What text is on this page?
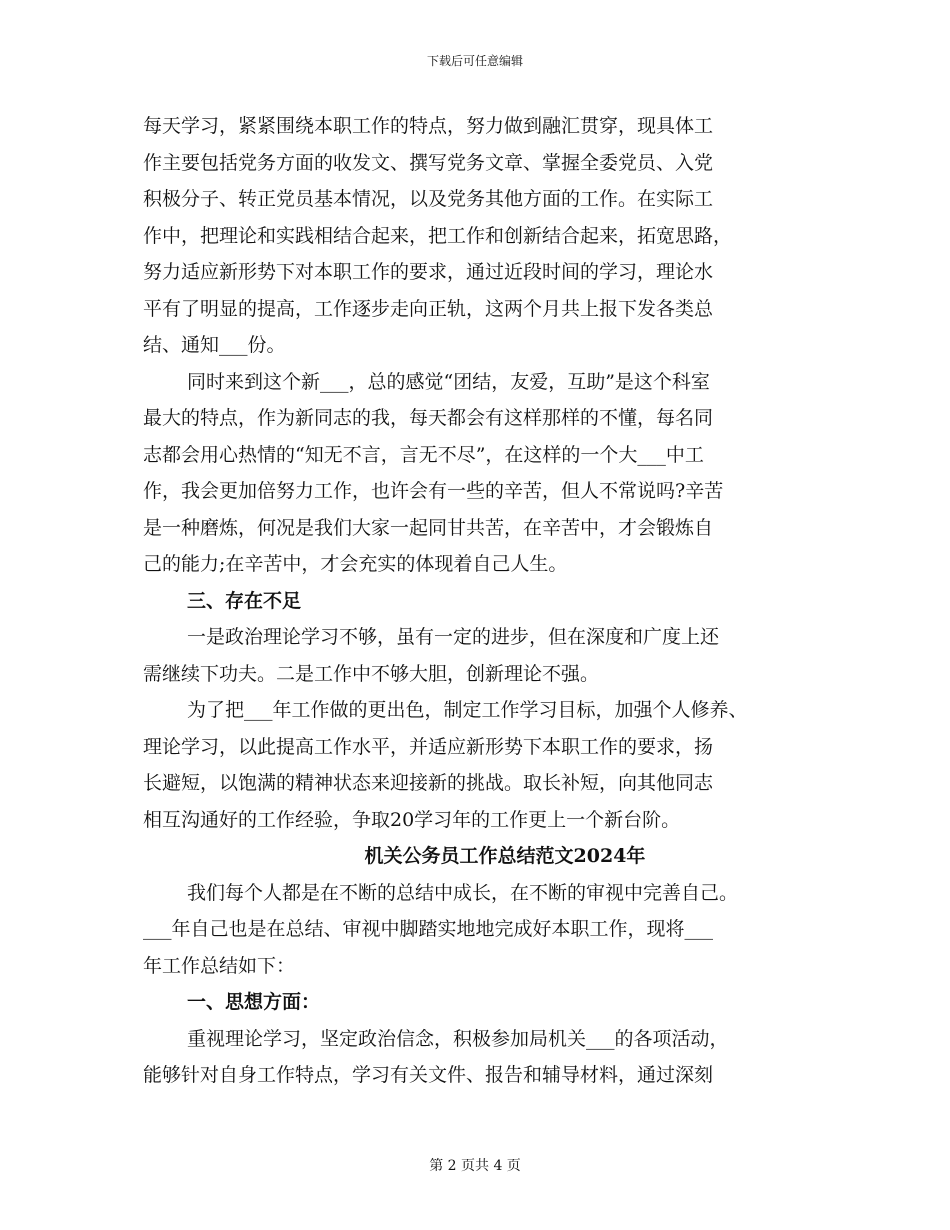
下载后可任意编辑
每天学习，紧紧围绕本职工作的特点，努力做到融汇贯穿，现具体工
作主要包括党务方面的收发文、撰写党务文章、掌握全委党员、入党
积极分子、转正党员基本情况，以及党务其他方面的工作。在实际工
作中，把理论和实践相结合起来，把工作和创新结合起来，拓宽思路，
努力适应新形势下对本职工作的要求，通过近段时间的学习，理论水
平有了明显的提高，工作逐步走向正轨，这两个月共上报下发各类总
结、通知___份。
同时来到这个新___，总的感觉“团结，友爱，互助”是这个科室
最大的特点，作为新同志的我，每天都会有这样那样的不懂，每名同
志都会用心热情的“知无不言，言无不尽”，在这样的一个大___中工
作，我会更加倍努力工作，也许会有一些的辛苦，但人不常说吗?辛苦
是一种磨炼，何况是我们大家一起同甘共苦，在辛苦中，才会锻炼自
己的能力;在辛苦中，才会充实的体现着自己人生。
三、存在不足
一是政治理论学习不够，虽有一定的进步，但在深度和广度上还
需继续下功夫。二是工作中不够大胆，创新理论不强。
为了把___年工作做的更出色，制定工作学习目标，加强个人修养、
理论学习，以此提高工作水平，并适应新形势下本职工作的要求，扬
长避短，以饱满的精神状态来迎接新的挑战。取长补短，向其他同志
相互沟通好的工作经验，争取20学习年的工作更上一个新台阶。
机关公务员工作总结范文2024年
我们每个人都是在不断的总结中成长，在不断的审视中完善自己。
___年自己也是在总结、审视中脚踏实地地完成好本职工作，现将___
年工作总结如下：
一、思想方面：
重视理论学习，坚定政治信念，积极参加局机关___的各项活动，
能够针对自身工作特点，学习有关文件、报告和辅导材料，通过深刻
第 2 页共 4 页
